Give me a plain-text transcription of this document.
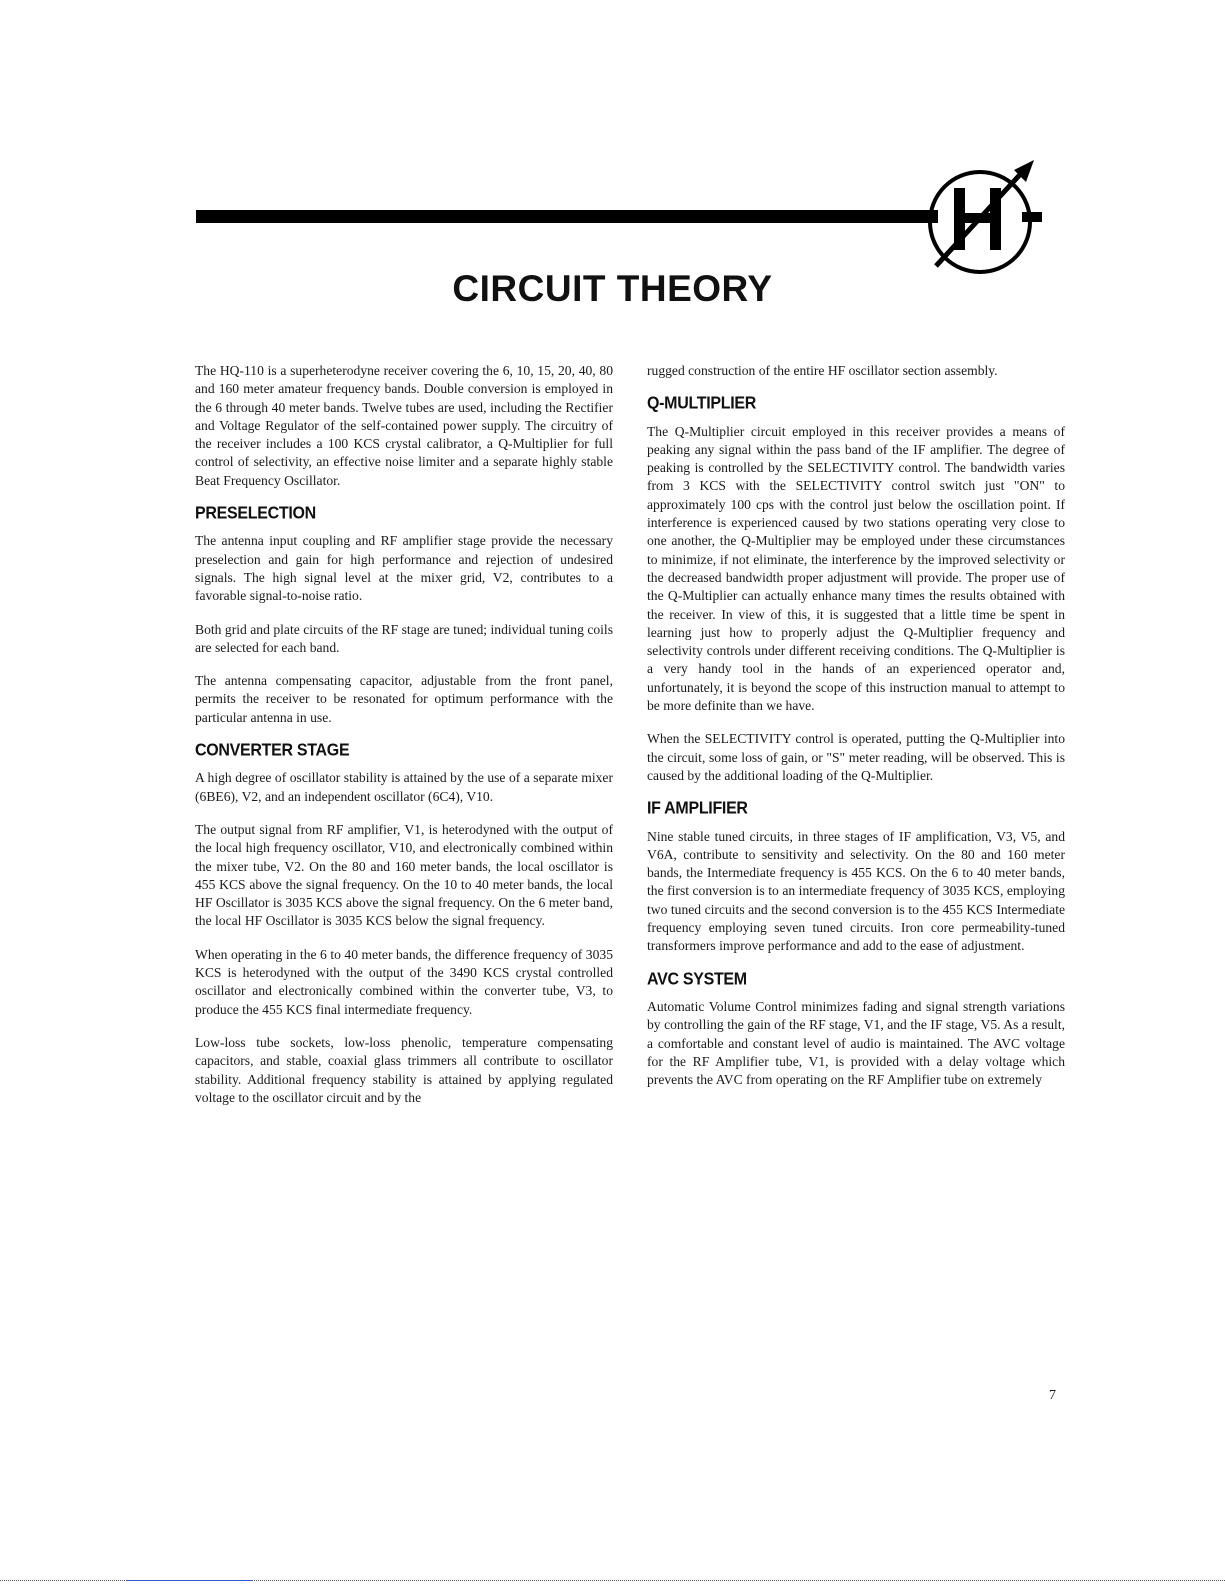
CIRCUIT THEORY

The HQ-110 is a superheterodyne receiver covering the 6, 10, 15, 20, 40, 80 and 160 meter amateur frequency bands. Double conversion is employed in the 6 through 40 meter bands. Twelve tubes are used, including the Rectifier and Voltage Regulator of the self-contained power supply. The circuitry of the receiver includes a 100 KCS crystal calibrator, a Q-Multiplier for full control of selectivity, an effective noise limiter and a separate highly stable Beat Frequency Oscillator.

PRESELECTION

The antenna input coupling and RF amplifier stage provide the necessary preselection and gain for high performance and rejection of undesired signals. The high signal level at the mixer grid, V2, contributes to a favorable signal-to-noise ratio.

Both grid and plate circuits of the RF stage are tuned; individual tuning coils are selected for each band.

The antenna compensating capacitor, adjustable from the front panel, permits the receiver to be resonated for optimum performance with the particular antenna in use.

CONVERTER STAGE

A high degree of oscillator stability is attained by the use of a separate mixer (6BE6), V2, and an independent oscillator (6C4), V10.

The output signal from RF amplifier, V1, is heterodyned with the output of the local high frequency oscillator, V10, and electronically combined within the mixer tube, V2. On the 80 and 160 meter bands, the local oscillator is 455 KCS above the signal frequency. On the 10 to 40 meter bands, the local HF Oscillator is 3035 KCS above the signal frequency. On the 6 meter band, the local HF Oscillator is 3035 KCS below the signal frequency.

When operating in the 6 to 40 meter bands, the difference frequency of 3035 KCS is heterodyned with the output of the 3490 KCS crystal controlled oscillator and electronically combined within the converter tube, V3, to produce the 455 KCS final intermediate frequency.

Low-loss tube sockets, low-loss phenolic, temperature compensating capacitors, and stable, coaxial glass trimmers all contribute to oscillator stability. Additional frequency stability is attained by applying regulated voltage to the oscillator circuit and by the

rugged construction of the entire HF oscillator section assembly.

Q-MULTIPLIER

The Q-Multiplier circuit employed in this receiver provides a means of peaking any signal within the pass band of the IF amplifier. The degree of peaking is controlled by the SELECTIVITY control. The bandwidth varies from 3 KCS with the SELECTIVITY control switch just "ON" to approximately 100 cps with the control just below the oscillation point. If interference is experienced caused by two stations operating very close to one another, the Q-Multiplier may be employed under these circumstances to minimize, if not eliminate, the interference by the improved selectivity or the decreased bandwidth proper adjustment will provide. The proper use of the Q-Multiplier can actually enhance many times the results obtained with the receiver. In view of this, it is suggested that a little time be spent in learning just how to properly adjust the Q-Multiplier frequency and selectivity controls under different receiving conditions. The Q-Multiplier is a very handy tool in the hands of an experienced operator and, unfortunately, it is beyond the scope of this instruction manual to attempt to be more definite than we have.

When the SELECTIVITY control is operated, putting the Q-Multiplier into the circuit, some loss of gain, or "S" meter reading, will be observed. This is caused by the additional loading of the Q-Multiplier.

IF AMPLIFIER

Nine stable tuned circuits, in three stages of IF amplification, V3, V5, and V6A, contribute to sensitivity and selectivity. On the 80 and 160 meter bands, the Intermediate frequency is 455 KCS. On the 6 to 40 meter bands, the first conversion is to an intermediate frequency of 3035 KCS, employing two tuned circuits and the second conversion is to the 455 KCS Intermediate frequency employing seven tuned circuits. Iron core permeability-tuned transformers improve performance and add to the ease of adjustment.

AVC SYSTEM

Automatic Volume Control minimizes fading and signal strength variations by controlling the gain of the RF stage, V1, and the IF stage, V5. As a result, a comfortable and constant level of audio is maintained. The AVC voltage for the RF Amplifier tube, V1, is provided with a delay voltage which prevents the AVC from operating on the RF Amplifier tube on extremely

7
